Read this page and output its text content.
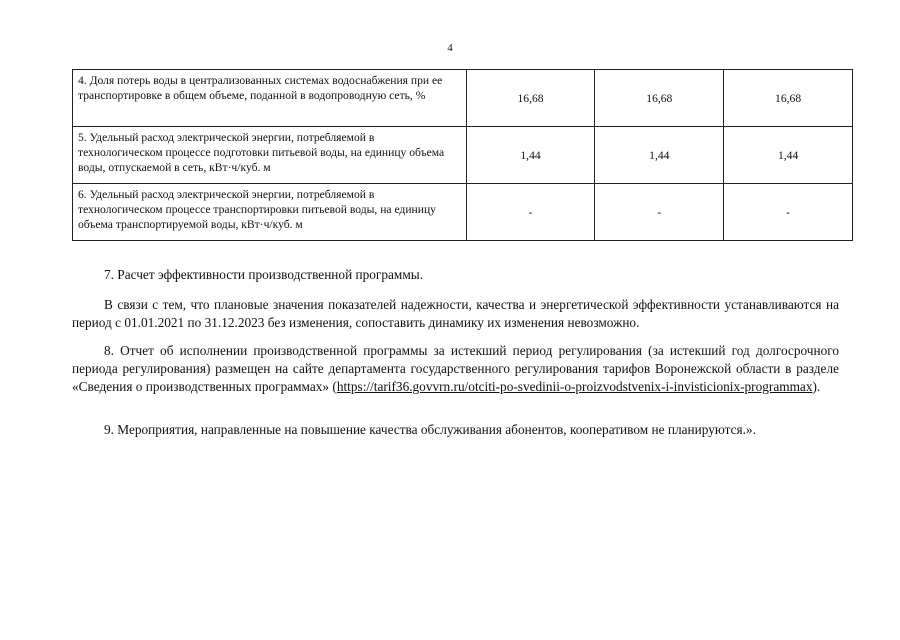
4
4. Доля потерь воды в централизованных системах водоснабжения при ее транспортировке в общем объеме, поданной в водопроводную сеть, %	16,68	16,68	16,68
5. Удельный расход электрической энергии, потребляемой в технологическом процессе подготовки питьевой воды, на единицу объема воды, отпускаемой в сеть, кВт·ч/куб. м	1,44	1,44	1,44
6. Удельный расход электрической энергии, потребляемой в технологическом процессе транспортировки питьевой воды, на единицу объема транспортируемой воды, кВт·ч/куб. м	-	-	-
7. Расчет эффективности производственной программы.
В связи с тем, что плановые значения показателей надежности, качества и энергетической эффективности устанавливаются на период с 01.01.2021 по 31.12.2023 без изменения, сопоставить динамику их изменения невозможно.
8. Отчет об исполнении производственной программы за истекший период регулирования (за истекший год долгосрочного периода регулирования) размещен на сайте департамента государственного регулирования тарифов Воронежской области в разделе «Сведения о производственных программах» (https://tarif36.govvrn.ru/otciti-po-svedinii-o-proizvodstvenix-i-invisticionix-programmax).
9. Мероприятия, направленные на повышение качества обслуживания абонентов, кооперативом не планируются.».
